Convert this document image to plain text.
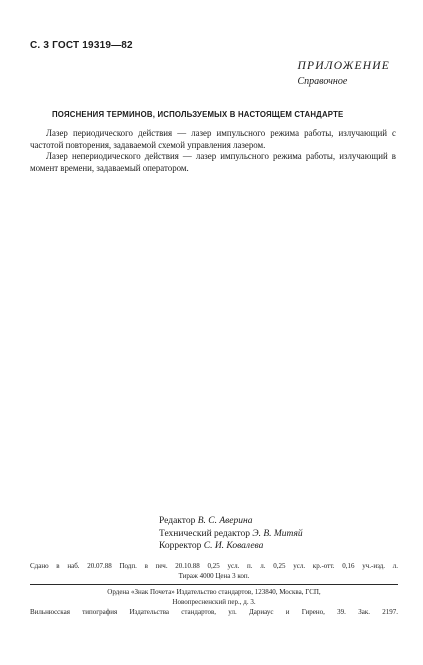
С. 3 ГОСТ 19319—82
ПРИЛОЖЕНИЕ
Справочное
ПОЯСНЕНИЯ ТЕРМИНОВ, ИСПОЛЬЗУЕМЫХ В НАСТОЯЩЕМ СТАНДАРТЕ

Лазер периодического действия — лазер импульсного режима работы, излучающий с частотой повторения, задаваемой схемой управления лазером.

Лазер непериодического действия — лазер импульсного режима работы, излучающий в момент времени, задаваемый оператором.

Редактор В. С. Аверина
Технический редактор Э. В. Митяй
Корректор С. И. Ковалева
Сдано в наб. 20.07.88 Подп. в печ. 20.10.88 0,25 усл. п. л. 0,25 усл. кр.-отт. 0,16 уч.-изд. л.
Тираж 4000 Цена 3 коп.
Ордена «Знак Почета» Издательство стандартов, 123840, Москва, ГСП,
Новопресненский пер., д. 3.
Вильнюсская типография Издательства стандартов, ул. Дариаус и Гирено, 39. Зак. 2197.
